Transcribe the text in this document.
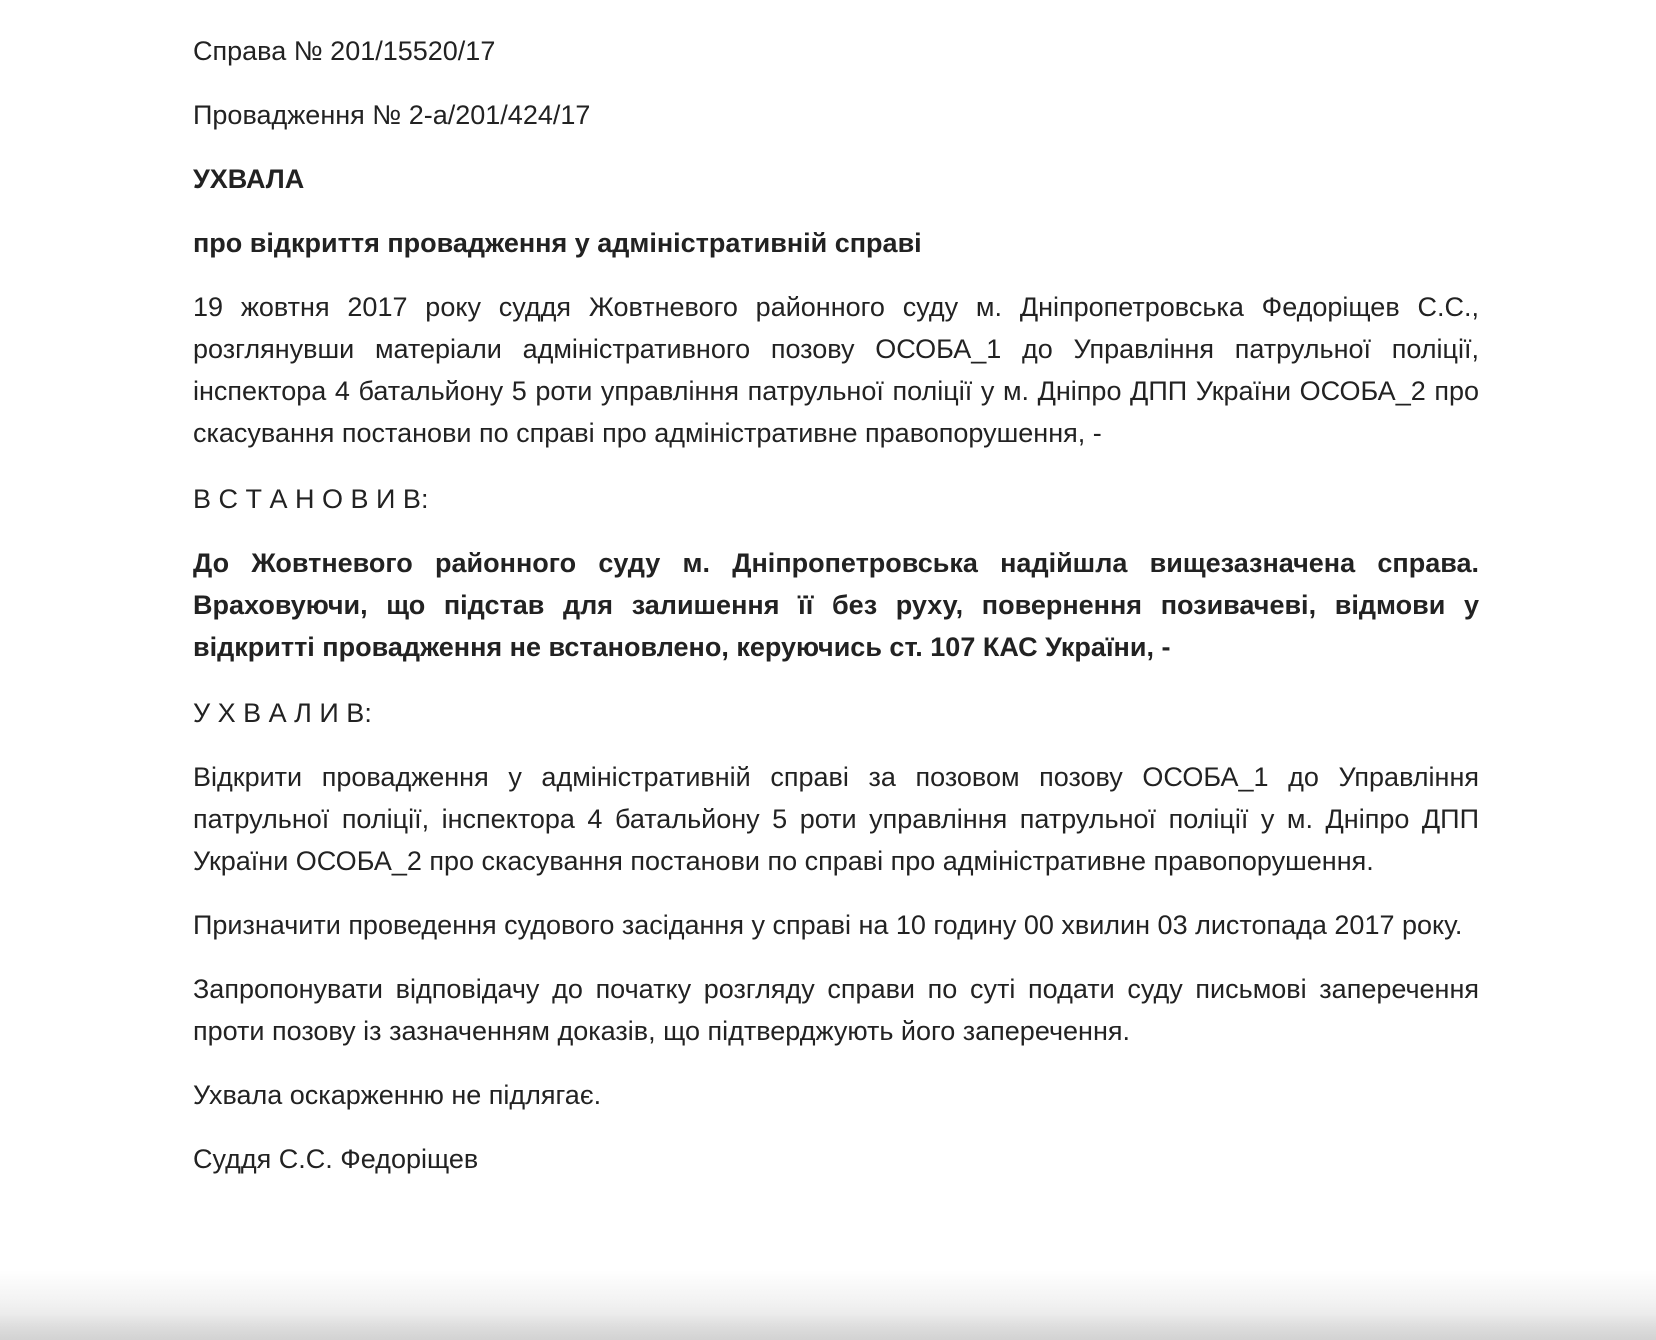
Справа № 201/15520/17

Провадження № 2-а/201/424/17

УХВАЛА

про відкриття провадження у адміністративній справі

19 жовтня 2017 року суддя Жовтневого районного суду м. Дніпропетровська Федоріщев С.С., розглянувши матеріали адміністративного позову ОСОБА_1 до Управління патрульної поліції, інспектора 4 батальйону 5 роти управління патрульної поліції у м. Дніпро ДПП України ОСОБА_2 про скасування постанови по справі про адміністративне правопорушення, -

В С Т А Н О В И В:

До Жовтневого районного суду м. Дніпропетровська надійшла вищезазначена справа. Враховуючи, що підстав для залишення її без руху, повернення позивачеві, відмови у відкритті провадження не встановлено, керуючись ст. 107 КАС України, -

У Х В А Л И В:

Відкрити провадження у адміністративній справі за позовом позову ОСОБА_1 до Управління патрульної поліції, інспектора 4 батальйону 5 роти управління патрульної поліції у м. Дніпро ДПП України ОСОБА_2 про скасування постанови по справі про адміністративне правопорушення.

Призначити проведення судового засідання у справі на 10 годину 00 хвилин 03 листопада 2017 року.

Запропонувати відповідачу до початку розгляду справи по суті подати суду письмові заперечення проти позову із зазначенням доказів, що підтверджують його заперечення.

Ухвала оскарженню не підлягає.

Суддя С.С. Федоріщев
